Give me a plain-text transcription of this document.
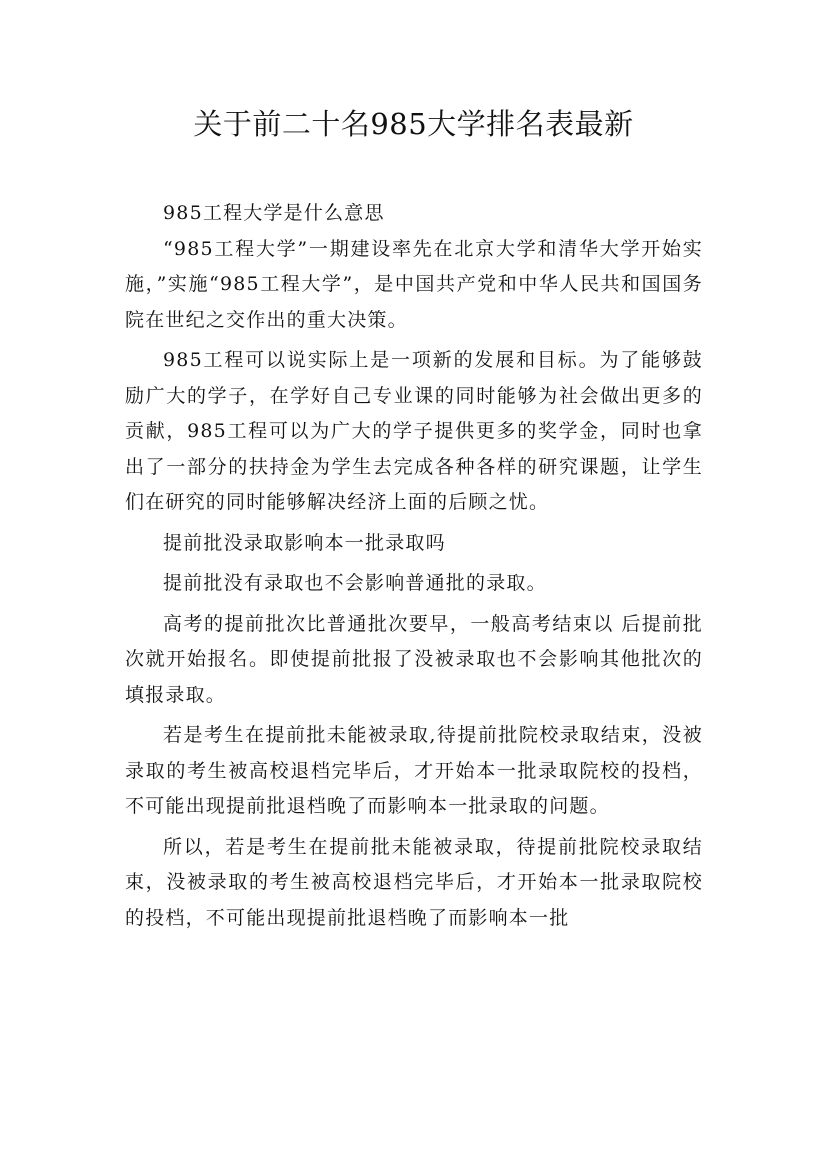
关于前二十名985大学排名表最新

985工程大学是什么意思

“985工程大学”一期建设率先在北京大学和清华大学开始实施，”实施“985工程大学”，是中国共产党和中华人民共和国国务院在世纪之交作出的重大决策。

985工程可以说实际上是一项新的发展和目标。为了能够鼓励广大的学子，在学好自己专业课的同时能够为社会做出更多的贡献，985工程可以为广大的学子提供更多的奖学金，同时也拿出了一部分的扶持金为学生去完成各种各样的研究课题，让学生们在研究的同时能够解决经济上面的后顾之忧。

提前批没录取影响本一批录取吗

提前批没有录取也不会影响普通批的录取。

高考的提前批次比普通批次要早，一般高考结束以 后提前批次就开始报名。即使提前批报了没被录取也不会影响其他批次的填报录取。

若是考生在提前批未能被录取,待提前批院校录取结束，没被录取的考生被高校退档完毕后，才开始本一批录取院校的投档，不可能出现提前批退档晚了而影响本一批录取的问题。

所以，若是考生在提前批未能被录取，待提前批院校录取结束，没被录取的考生被高校退档完毕后，才开始本一批录取院校的投档，不可能出现提前批退档晚了而影响本一批
